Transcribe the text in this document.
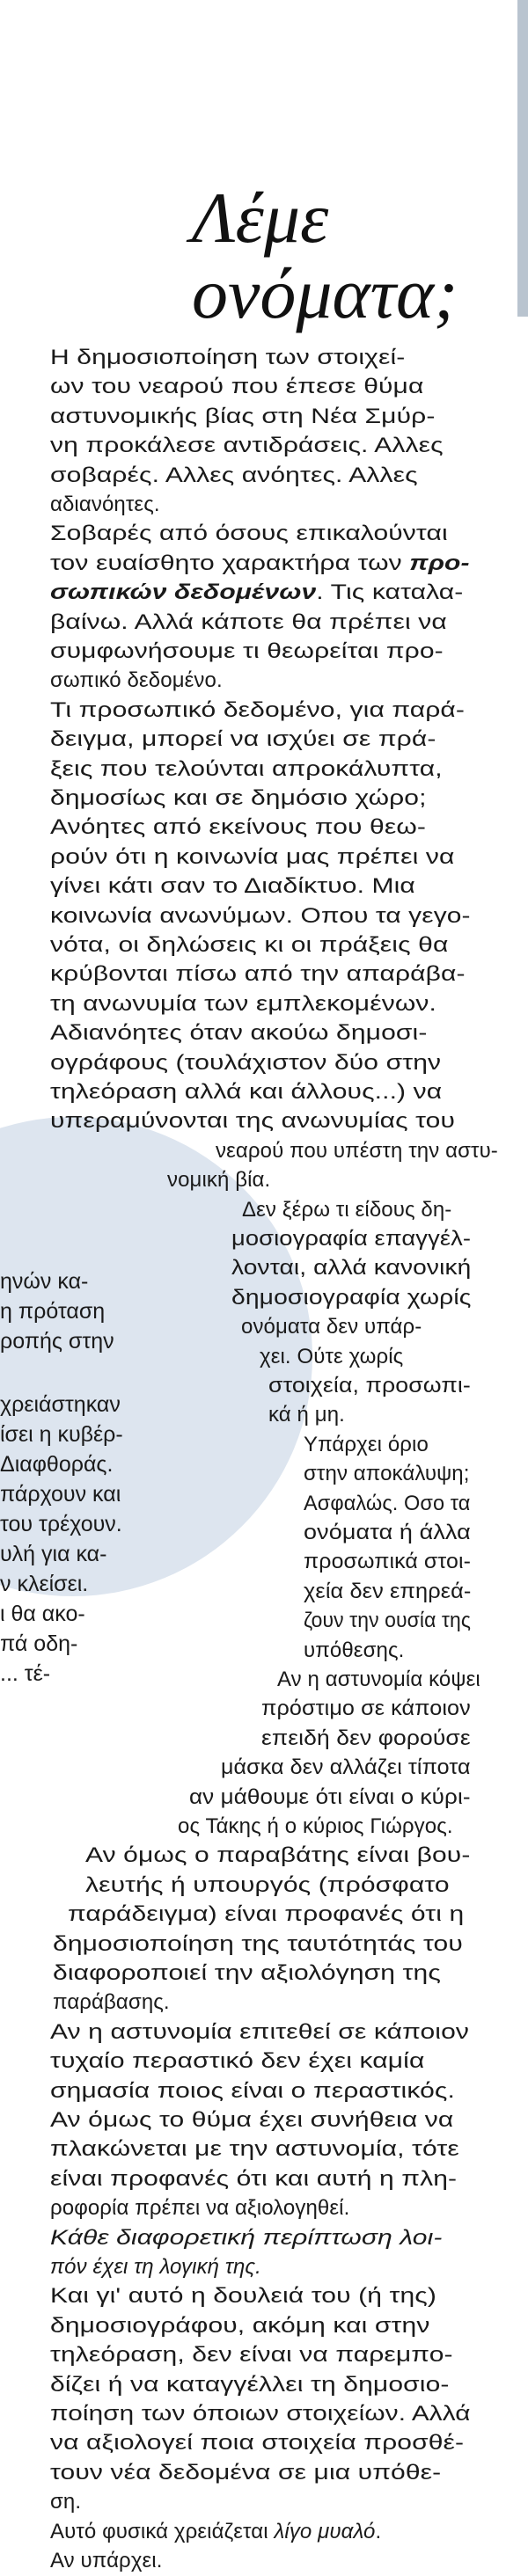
ηνών κα-
η πρόταση
ροπής στην
χρειάστηκαν
ίσει η κυβέρ-
Διαφθοράς.
πάρχουν και
του τρέχουν.
υλή για κα-
ν κλείσει.
ι θα ακο-
πά οδη-
... τέ-
Λέμε
ονόματα;
Η δημοσιοποίηση των στοιχεί-
ων του νεαρού που έπεσε θύμα
αστυνομικής βίας στη Νέα Σμύρ-
νη προκάλεσε αντιδράσεις. Αλλες
σοβαρές. Αλλες ανόητες. Αλλες
αδιανόητες.
Σοβαρές από όσους επικαλούνται
τον ευαίσθητο χαρακτήρα των προ-
σωπικών δεδομένων. Τις καταλα-
βαίνω. Αλλά κάποτε θα πρέπει να
συμφωνήσουμε τι θεωρείται προ-
σωπικό δεδομένο.
Τι προσωπικό δεδομένο, για παρά-
δειγμα, μπορεί να ισχύει σε πρά-
ξεις που τελούνται απροκάλυπτα,
δημοσίως και σε δημόσιο χώρο;
Ανόητες από εκείνους που θεω-
ρούν ότι η κοινωνία μας πρέπει να
γίνει κάτι σαν το Διαδίκτυο. Μια
κοινωνία ανωνύμων. Οπου τα γεγο-
νότα, οι δηλώσεις κι οι πράξεις θα
κρύβονται πίσω από την απαράβα-
τη ανωνυμία των εμπλεκομένων.
Αδιανόητες όταν ακούω δημοσι-
ογράφους (τουλάχιστον δύο στην
τηλεόραση αλλά και άλλους...) να
υπεραμύνονται της ανωνυμίας του
νεαρού που υπέστη την αστυ-
νομική βία.
Δεν ξέρω τι είδους δη-
μοσιογραφία επαγγέλ-
λονται, αλλά κανονική
δημοσιογραφία χωρίς
ονόματα δεν υπάρ-
χει. Ούτε χωρίς
στοιχεία, προσωπι-
κά ή μη.
Υπάρχει όριο
στην αποκάλυψη;
Ασφαλώς. Οσο τα
ονόματα ή άλλα
προσωπικά στοι-
χεία δεν επηρεά-
ζουν την ουσία της
υπόθεσης.
Αν η αστυνομία κόψει
πρόστιμο σε κάποιον
επειδή δεν φορούσε
μάσκα δεν αλλάζει τίποτα
αν μάθουμε ότι είναι ο κύρι-
ος Τάκης ή ο κύριος Γιώργος.
Αν όμως ο παραβάτης είναι βου-
λευτής ή υπουργός (πρόσφατο
παράδειγμα) είναι προφανές ότι η
δημοσιοποίηση της ταυτότητάς του
διαφοροποιεί την αξιολόγηση της
παράβασης.
Αν η αστυνομία επιτεθεί σε κάποιον
τυχαίο περαστικό δεν έχει καμία
σημασία ποιος είναι ο περαστικός.
Αν όμως το θύμα έχει συνήθεια να
πλακώνεται με την αστυνομία, τότε
είναι προφανές ότι και αυτή η πλη-
ροφορία πρέπει να αξιολογηθεί.
Κάθε διαφορετική περίπτωση λοι-
πόν έχει τη λογική της.
Και γι' αυτό η δουλειά του (ή της)
δημοσιογράφου, ακόμη και στην
τηλεόραση, δεν είναι να παρεμπο-
δίζει ή να καταγγέλλει τη δημοσιο-
ποίηση των όποιων στοιχείων. Αλλά
να αξιολογεί ποια στοιχεία προσθέ-
τουν νέα δεδομένα σε μια υπόθε-
ση.
Αυτό φυσικά χρειάζεται λίγο μυαλό.
Αν υπάρχει.
